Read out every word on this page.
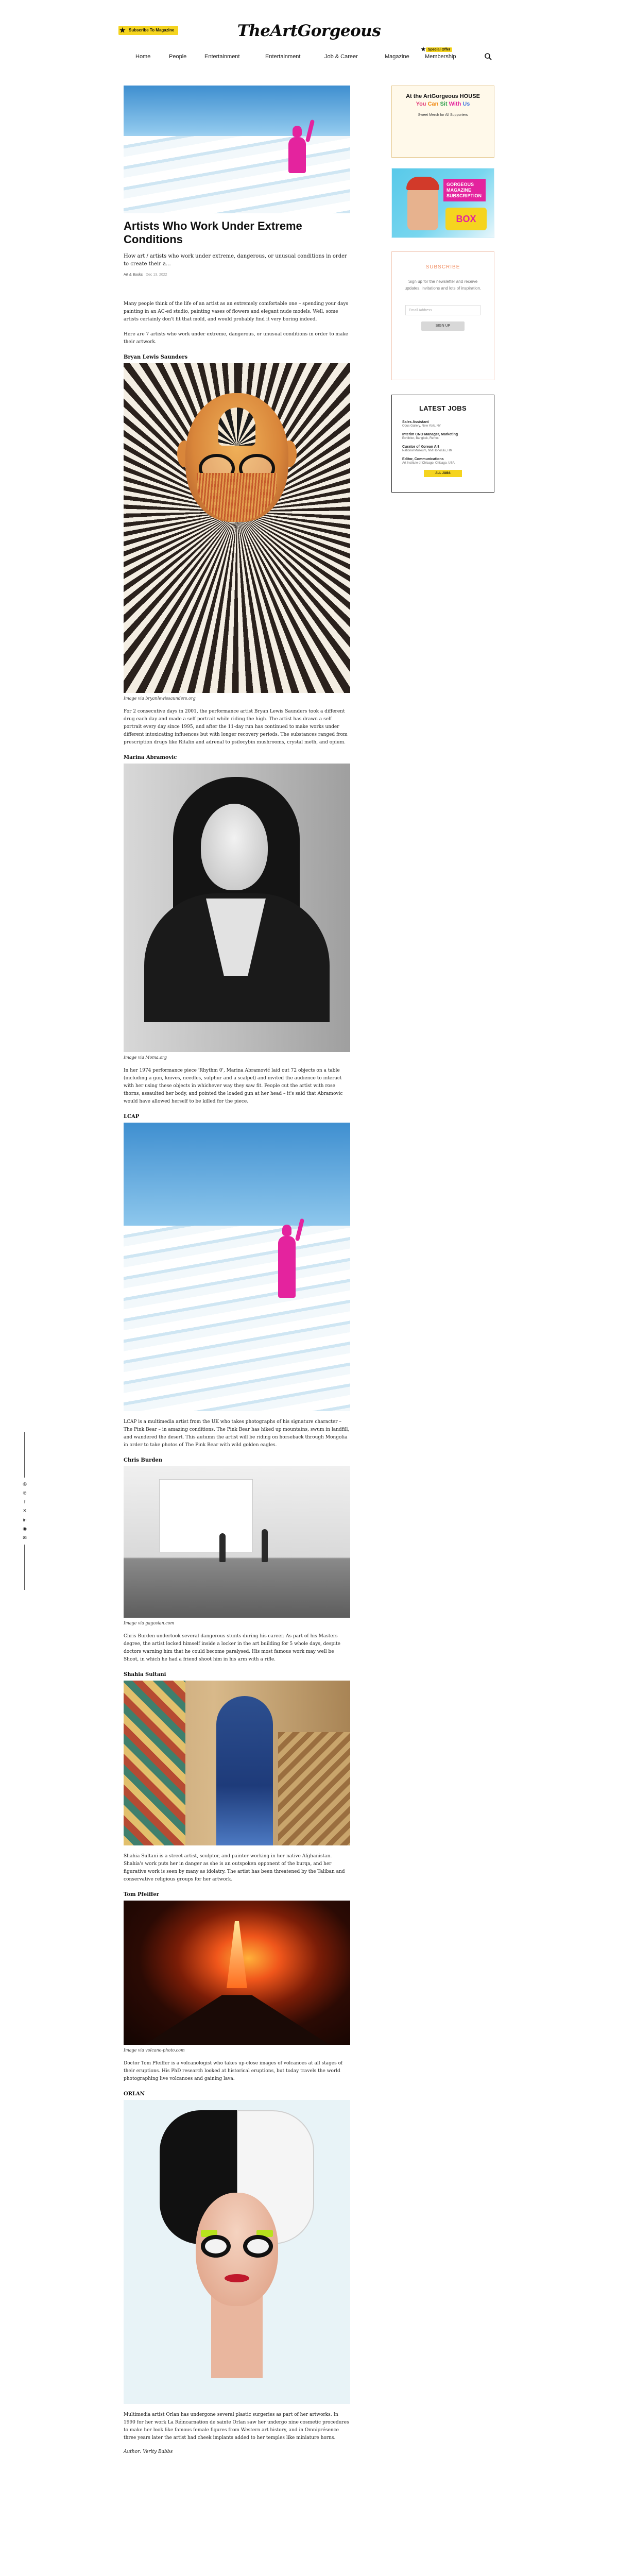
★ Subscribe To Magazine	TheArtGorgeous
Home	People	Entertainment	Entertainment	Job & Career	Magazine
★ Special Offer
Membership
Artists Who Work Under Extreme Conditions
How art / artists who work under extreme, dangerous, or unusual conditions in order to create their a...
Art & Books Dec 13, 2022
Many people think of the life of an artist as an extremely comfortable one – spending your days painting in an AC-ed studio, painting vases of flowers and elegant nude models. Well, some artists certainly don't fit that mold, and would probably find it very boring indeed.
Here are 7 artists who work under extreme, dangerous, or unusual conditions in order to make their artwork.
Bryan Lewis Saunders
Image via bryanlewissaunders.org
For 2 consecutive days in 2001, the performance artist Bryan Lewis Saunders took a different drug each day and made a self portrait while riding the high. The artist has drawn a self portrait every day since 1995, and after the 11-day run has continued to make works under different intoxicating influences but with longer recovery periods. The substances ranged from prescription drugs like Ritalin and adrenal to psilocybin mushrooms, crystal meth, and opium.
Marina Abramovic
Image via Moma.org
In her 1974 performance piece 'Rhythm 0', Marina Abramović laid out 72 objects on a table (including a gun, knives, needles, sulphur and a scalpel) and invited the audience to interact with her using these objects in whichever way they saw fit. People cut the artist with rose thorns, assaulted her body, and pointed the loaded gun at her head – it's said that Abramovic would have allowed herself to be killed for the piece.
LCAP
LCAP is a multimedia artist from the UK who takes photographs of his signature character – The Pink Bear – in amazing conditions. The Pink Bear has hiked up mountains, swum in landfill, and wandered the desert. This autumn the artist will be riding on horseback through Mongolia in order to take photos of The Pink Bear with wild golden eagles.
Chris Burden
Image via gagosian.com
Chris Burden undertook several dangerous stunts during his career. As part of his Masters degree, the artist locked himself inside a locker in the art building for 5 whole days, despite doctors warning him that he could become paralysed. His most famous work may well be Shoot, in which he had a friend shoot him in his arm with a rifle.
Shahia Sultani
Shahia Sultani is a street artist, sculptor, and painter working in her native Afghanistan. Shahia's work puts her in danger as she is an outspoken opponent of the burqa, and her figurative work is seen by many as idolatry. The artist has been threatened by the Taliban and conservative religious groups for her artwork.
Tom Pfeiffer
Image via volcano-photo.com
Doctor Tom Pfeiffer is a volcanologist who takes up-close images of volcanoes at all stages of their eruptions. His PhD research looked at historical eruptions, but today travels the world photographing live volcanoes and gaining lava.
ORLAN
Multimedia artist Orlan has undergone several plastic surgeries as part of her artworks. In 1990 for her work La Réincarnation de sainte Orlan saw her undergo nine cosmetic procedures to make her look like famous female figures from Western art history, and in Omniprésence three years later the artist had cheek implants added to her temples like miniature horns.
Author: Verity Babbs
At the ArtGorgeous HOUSE
You Can Sit With Us
Sweet Merch for All Supporters
GORGEOUS MAGAZINE SUBSCRIPTION
BOX
SUBSCRIBE
Sign up for the newsletter and receive updates, invitations and lots of inspiration.
Email Address
SIGN UP
LATEST JOBS
Sales Assistant
Opus Gallery, New York, NY
Interim CNO Manager, Marketing
Exhibitor, Bangkok, Remot
Curator of Korean Art
National Museum, NM Honolulu, HM
Editor, Communications
Art Institute of Chicago, Chicago, USA
ALL JOBS
◎
℗
f
✕
in
◉
✉
